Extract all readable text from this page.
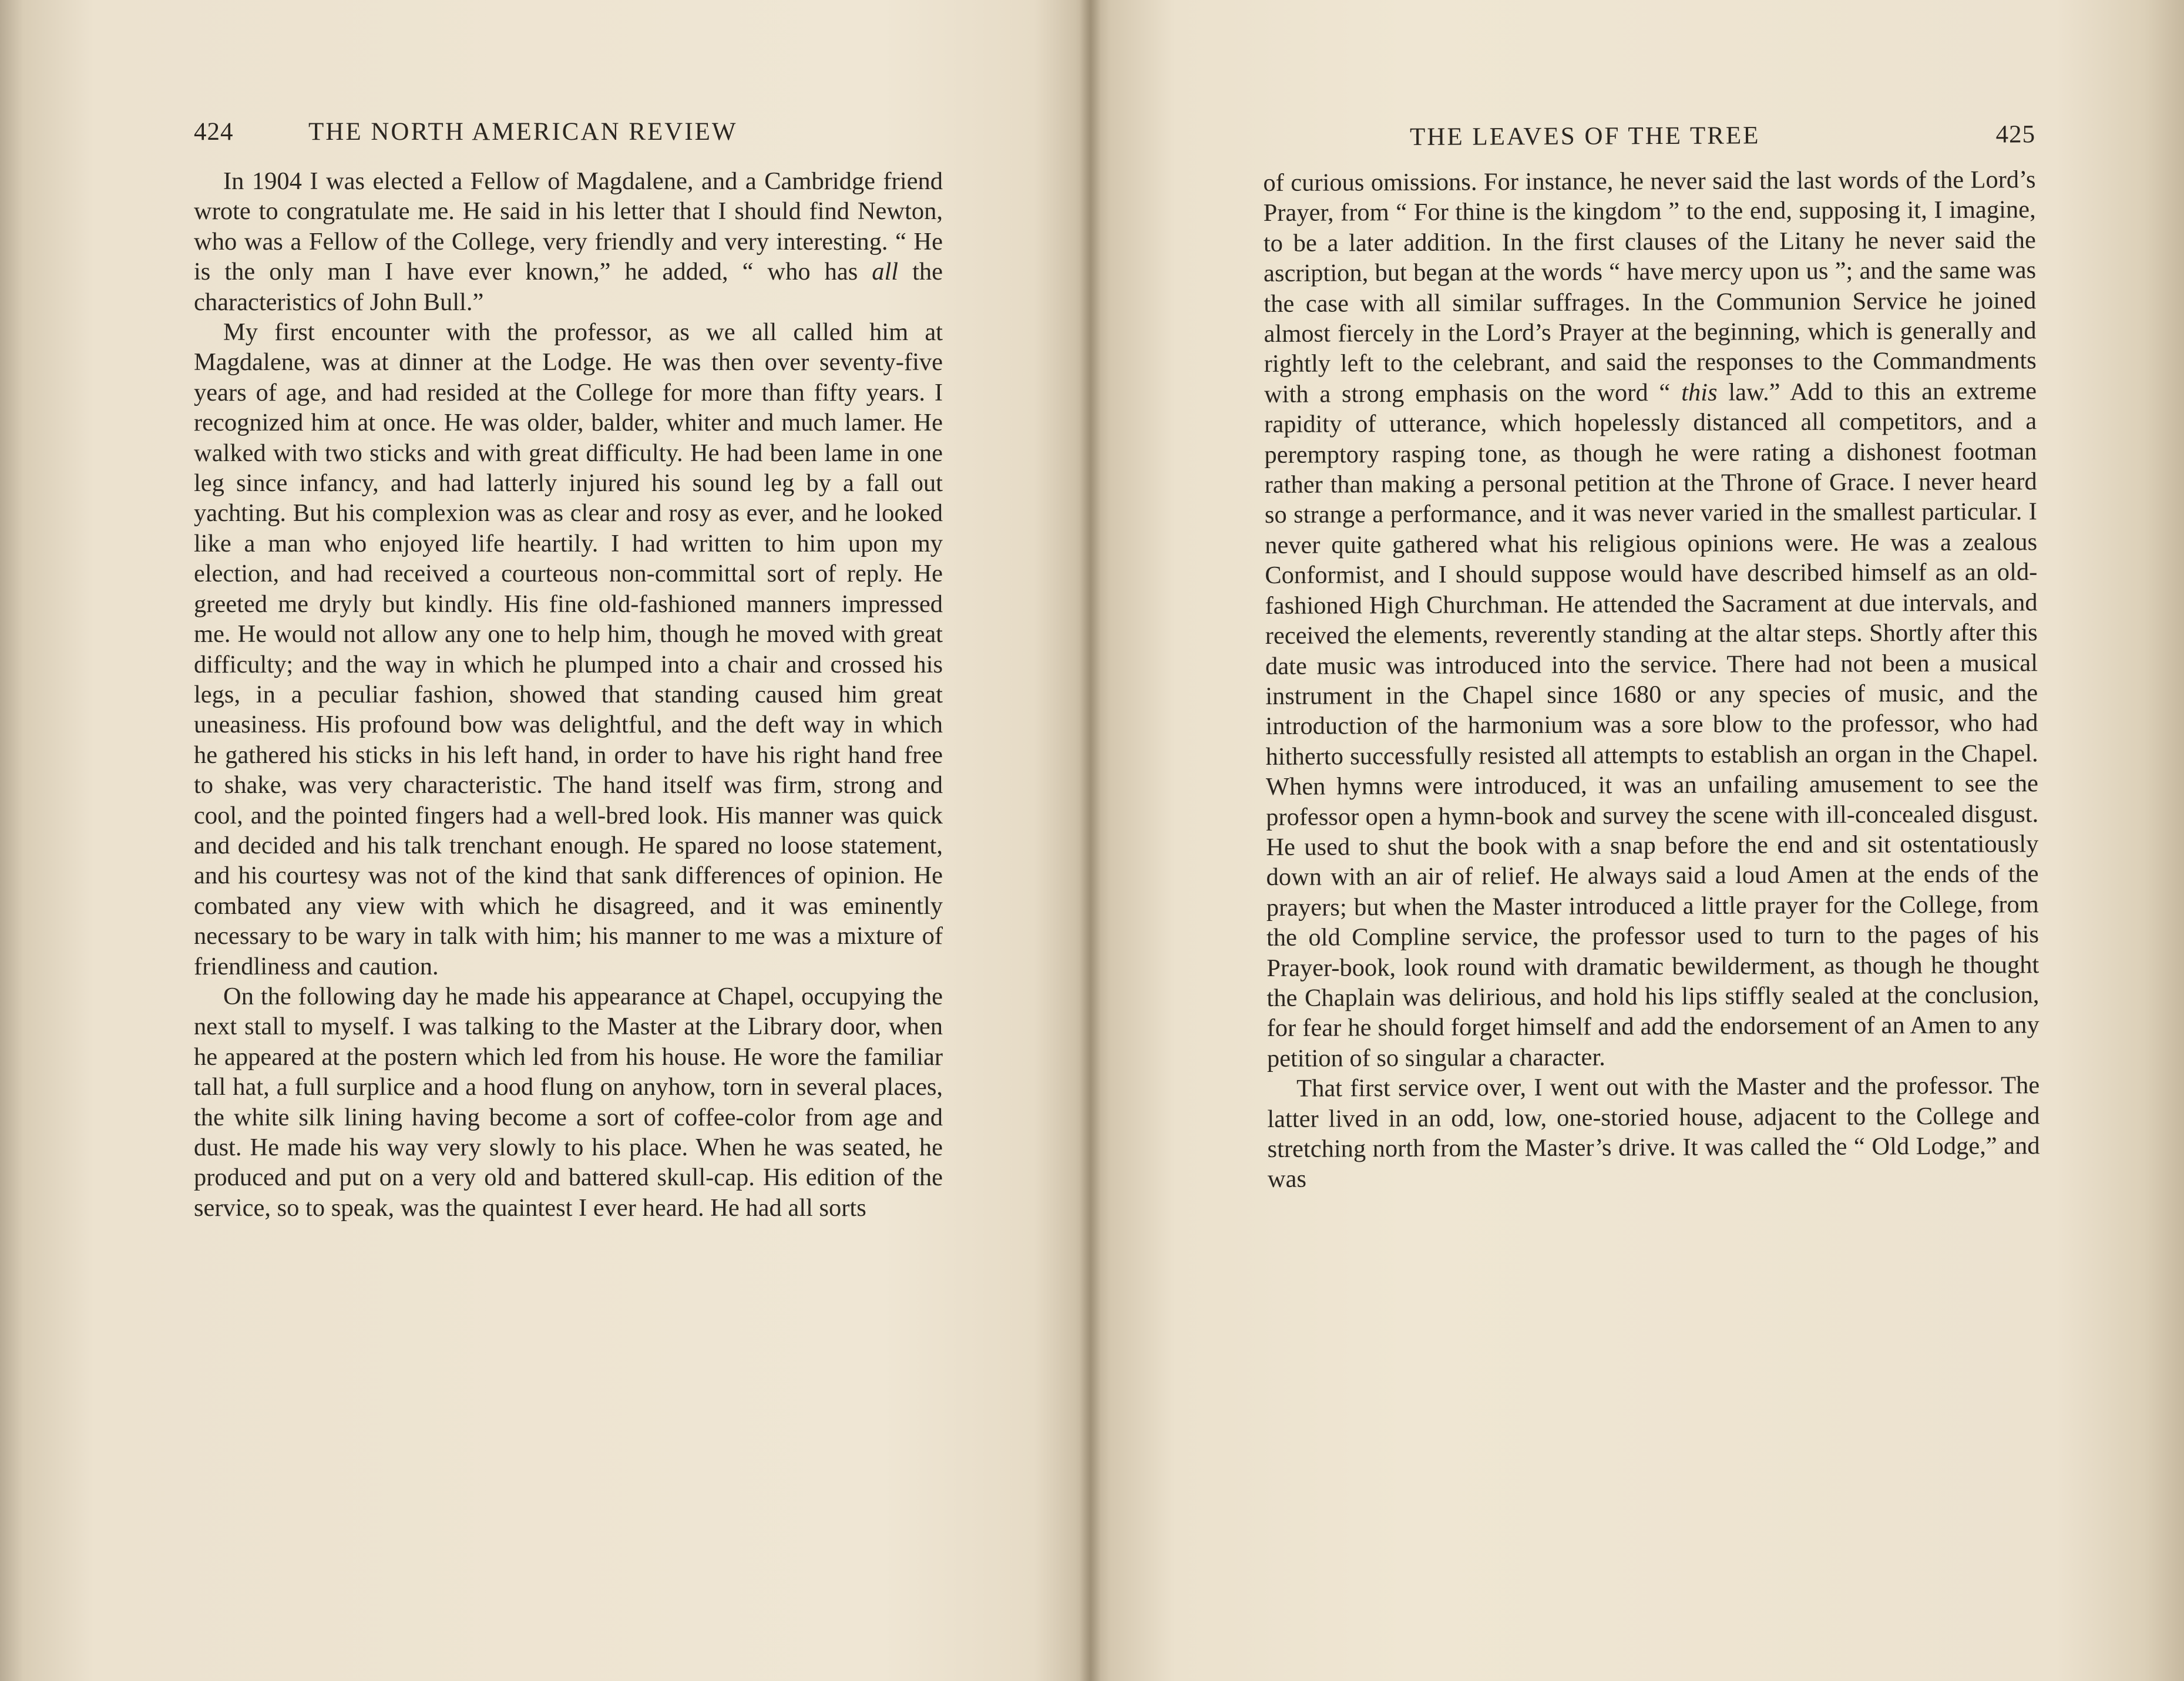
424	THE NORTH AMERICAN REVIEW

In 1904 I was elected a Fellow of Magdalene, and a Cambridge friend wrote to congratulate me. He said in his letter that I should find Newton, who was a Fellow of the College, very friendly and very interesting. “ He is the only man I have ever known,” he added, “ who has all the characteristics of John Bull.”

My first encounter with the professor, as we all called him at Magdalene, was at dinner at the Lodge. He was then over seventy-five years of age, and had resided at the College for more than fifty years. I recognized him at once. He was older, balder, whiter and much lamer. He walked with two sticks and with great difficulty. He had been lame in one leg since infancy, and had latterly injured his sound leg by a fall out yachting. But his complexion was as clear and rosy as ever, and he looked like a man who enjoyed life heartily. I had written to him upon my election, and had received a courteous non-committal sort of reply. He greeted me dryly but kindly. His fine old-fashioned manners impressed me. He would not allow any one to help him, though he moved with great difficulty; and the way in which he plumped into a chair and crossed his legs, in a peculiar fashion, showed that standing caused him great uneasiness. His profound bow was delightful, and the deft way in which he gathered his sticks in his left hand, in order to have his right hand free to shake, was very characteristic. The hand itself was firm, strong and cool, and the pointed fingers had a well-bred look. His manner was quick and decided and his talk trenchant enough. He spared no loose statement, and his courtesy was not of the kind that sank differences of opinion. He combated any view with which he disagreed, and it was eminently necessary to be wary in talk with him; his manner to me was a mixture of friendliness and caution.

On the following day he made his appearance at Chapel, occupying the next stall to myself. I was talking to the Master at the Library door, when he appeared at the postern which led from his house. He wore the familiar tall hat, a full surplice and a hood flung on anyhow, torn in several places, the white silk lining having become a sort of coffee-color from age and dust. He made his way very slowly to his place. When he was seated, he produced and put on a very old and battered skull-cap. His edition of the service, so to speak, was the quaintest I ever heard. He had all sorts

THE LEAVES OF THE TREE	425

of curious omissions. For instance, he never said the last words of the Lord’s Prayer, from “ For thine is the kingdom ” to the end, supposing it, I imagine, to be a later addition. In the first clauses of the Litany he never said the ascription, but began at the words “ have mercy upon us ”; and the same was the case with all similar suffrages. In the Communion Service he joined almost fiercely in the Lord’s Prayer at the beginning, which is generally and rightly left to the celebrant, and said the responses to the Commandments with a strong emphasis on the word “ this law.” Add to this an extreme rapidity of utterance, which hopelessly distanced all competitors, and a peremptory rasping tone, as though he were rating a dishonest footman rather than making a personal petition at the Throne of Grace. I never heard so strange a performance, and it was never varied in the smallest particular. I never quite gathered what his religious opinions were. He was a zealous Conformist, and I should suppose would have described himself as an old-fashioned High Churchman. He attended the Sacrament at due intervals, and received the elements, reverently standing at the altar steps. Shortly after this date music was introduced into the service. There had not been a musical instrument in the Chapel since 1680 or any species of music, and the introduction of the harmonium was a sore blow to the professor, who had hitherto successfully resisted all attempts to establish an organ in the Chapel. When hymns were introduced, it was an unfailing amusement to see the professor open a hymn-book and survey the scene with ill-concealed disgust. He used to shut the book with a snap before the end and sit ostentatiously down with an air of relief. He always said a loud Amen at the ends of the prayers; but when the Master introduced a little prayer for the College, from the old Compline service, the professor used to turn to the pages of his Prayer-book, look round with dramatic bewilderment, as though he thought the Chaplain was delirious, and hold his lips stiffly sealed at the conclusion, for fear he should forget himself and add the endorsement of an Amen to any petition of so singular a character.

That first service over, I went out with the Master and the professor. The latter lived in an odd, low, one-storied house, adjacent to the College and stretching north from the Master’s drive. It was called the “ Old Lodge,” and was
